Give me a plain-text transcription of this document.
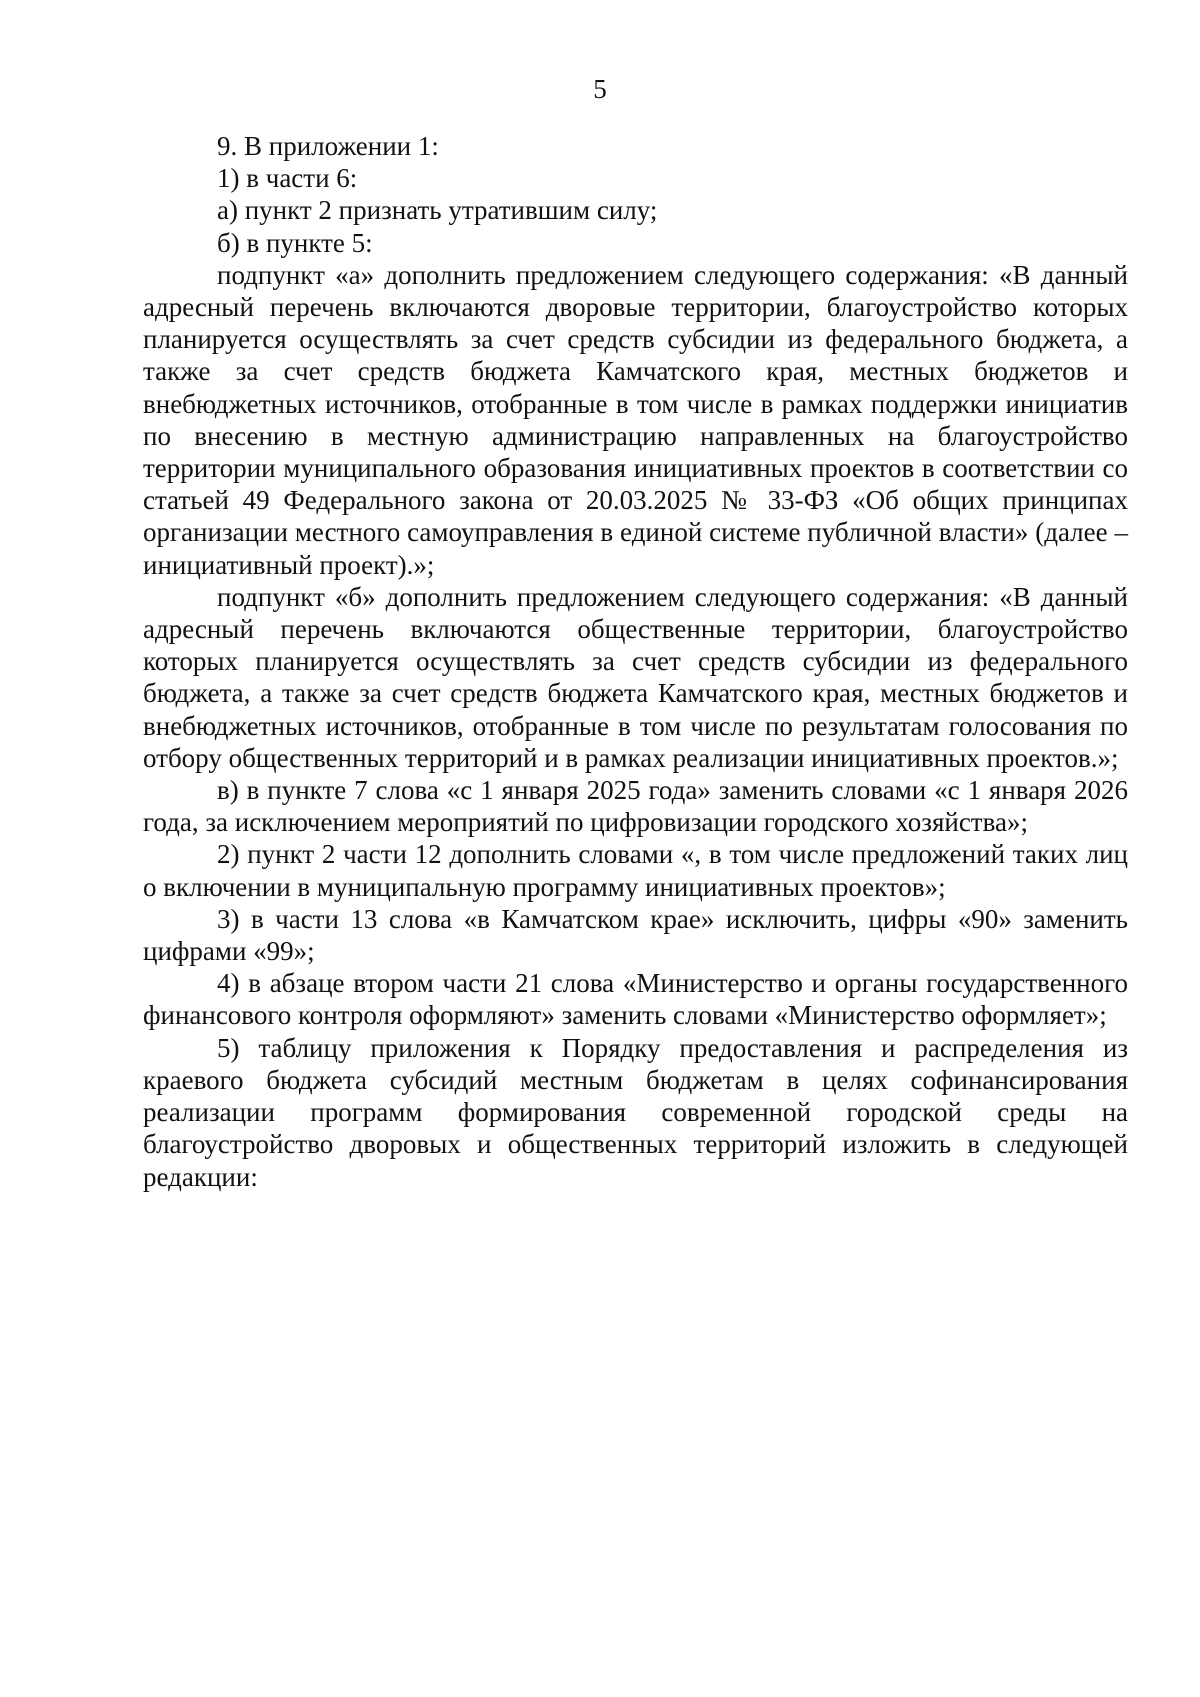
5

9. В приложении 1:

1) в части 6:

а) пункт 2 признать утратившим силу;

б) в пункте 5:

подпункт «а» дополнить предложением следующего содержания: «В данный адресный перечень включаются дворовые территории, благоустройство которых планируется осуществлять за счет средств субсидии из федерального бюджета, а также за счет средств бюджета Камчатского края, местных бюджетов и внебюджетных источников, отобранные в том числе в рамках поддержки инициатив по внесению в местную администрацию направленных на благоустройство территории муниципального образования инициативных проектов в соответствии со статьей 49 Федерального закона от 20.03.2025 № 33-ФЗ «Об общих принципах организации местного самоуправления в единой системе публичной власти» (далее – инициативный проект).»;

подпункт «б» дополнить предложением следующего содержания: «В данный адресный перечень включаются общественные территории, благоустройство которых планируется осуществлять за счет средств субсидии из федерального бюджета, а также за счет средств бюджета Камчатского края, местных бюджетов и внебюджетных источников, отобранные в том числе по результатам голосования по отбору общественных территорий и в рамках реализации инициативных проектов.»;

в) в пункте 7 слова «с 1 января 2025 года» заменить словами «с 1 января 2026 года, за исключением мероприятий по цифровизации городского хозяйства»;

2) пункт 2 части 12 дополнить словами «, в том числе предложений таких лиц о включении в муниципальную программу инициативных проектов»;

3) в части 13 слова «в Камчатском крае» исключить, цифры «90» заменить цифрами «99»;

4) в абзаце втором части 21 слова «Министерство и органы государственного финансового контроля оформляют» заменить словами «Министерство оформляет»;

5) таблицу приложения к Порядку предоставления и распределения из краевого бюджета субсидий местным бюджетам в целях софинансирования реализации программ формирования современной городской среды на благоустройство дворовых и общественных территорий изложить в следующей редакции:
